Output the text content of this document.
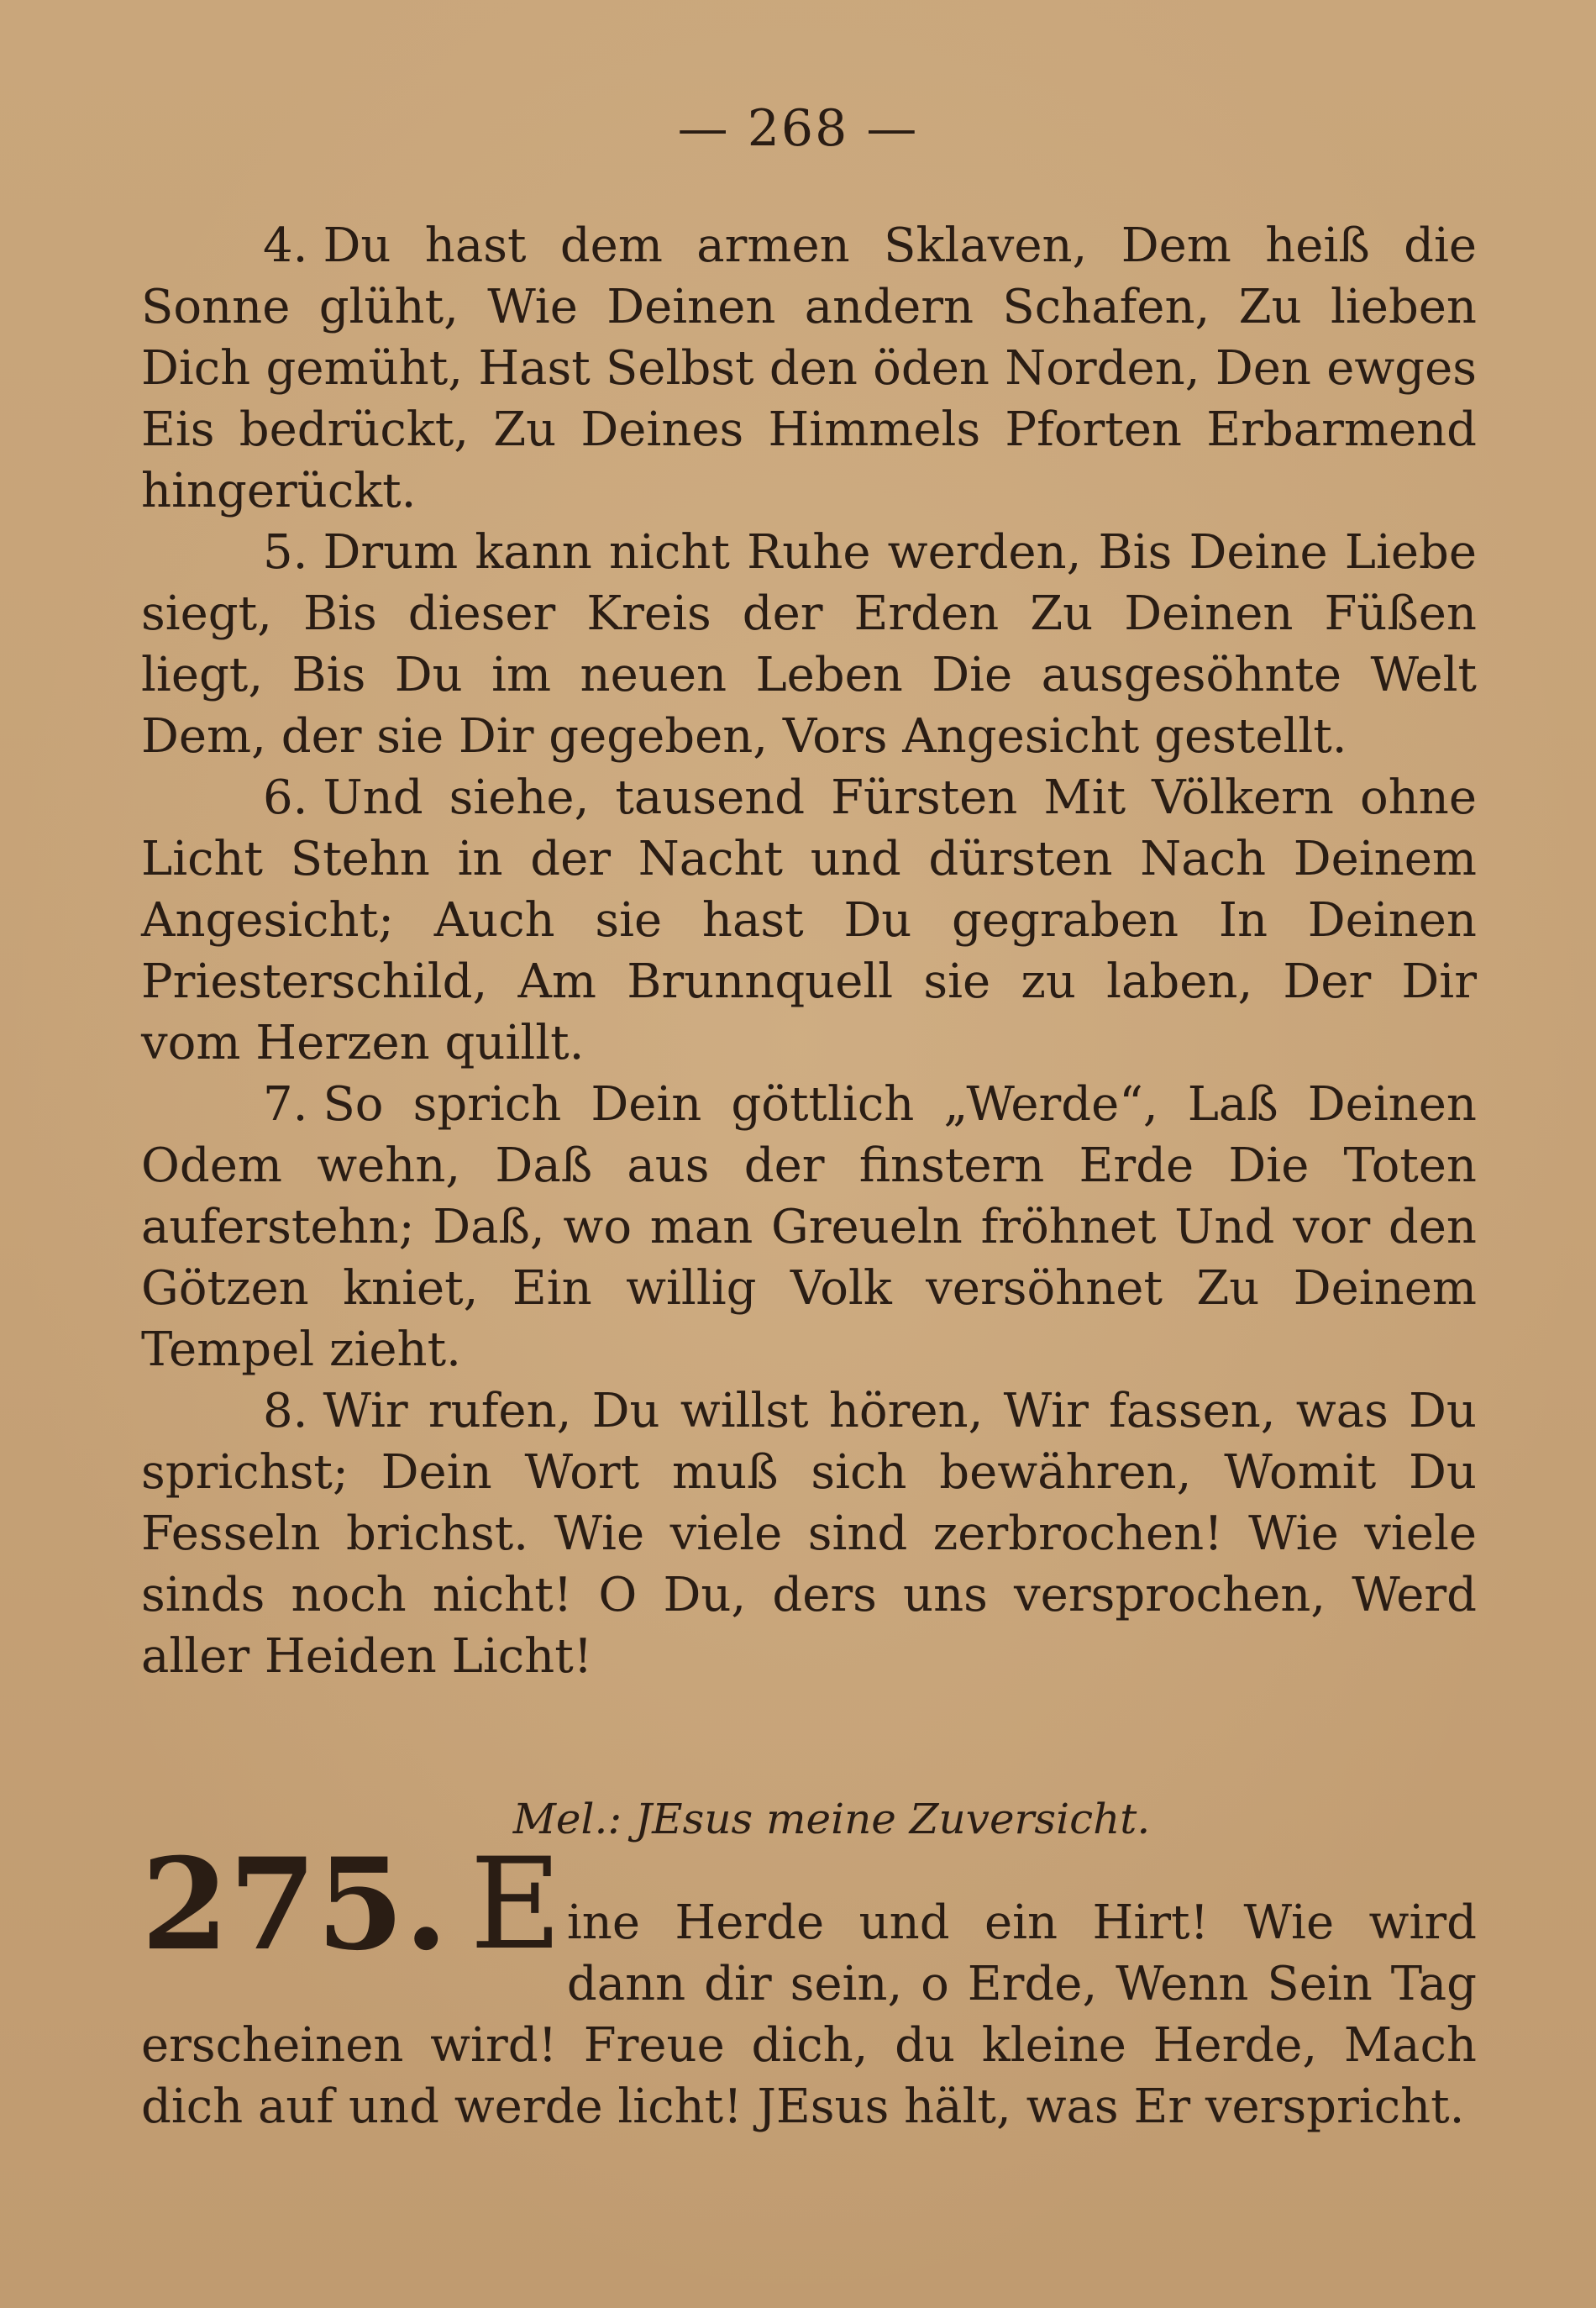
— 268 —

4. Du hast dem armen Sklaven, Dem heiß die Sonne glüht, Wie Deinen andern Schafen, Zu lieben Dich gemüht, Hast Selbst den öden Norden, Den ewges Eis bedrückt, Zu Deines Himmels Pforten Erbarmend hingerückt.

5. Drum kann nicht Ruhe werden, Bis Deine Liebe siegt, Bis dieser Kreis der Erden Zu Deinen Füßen liegt, Bis Du im neuen Leben Die ausgesöhnte Welt Dem, der sie Dir gegeben, Vors Angesicht gestellt.

6. Und siehe, tausend Fürsten Mit Völkern ohne Licht Stehn in der Nacht und dürsten Nach Deinem Angesicht; Auch sie hast Du gegraben In Deinen Priesterschild, Am Brunnquell sie zu laben, Der Dir vom Herzen quillt.

7. So sprich Dein göttlich „Werde“, Laß Deinen Odem wehn, Daß aus der finstern Erde Die Toten auferstehn; Daß, wo man Greueln fröhnet Und vor den Götzen kniet, Ein willig Volk versöhnet Zu Deinem Tempel zieht.

8. Wir rufen, Du willst hören, Wir fassen, was Du sprichst; Dein Wort muß sich bewähren, Womit Du Fesseln brichst. Wie viele sind zerbrochen! Wie viele sinds noch nicht! O Du, ders uns versprochen, Werd aller Heiden Licht!

Mel.: JEsus meine Zuversicht.
275. E ine Herde und ein Hirt! Wie wird dann dir sein, o Erde, Wenn Sein Tag erscheinen wird! Freue dich, du kleine Herde, Mach dich auf und werde licht! JEsus hält, was Er verspricht.
